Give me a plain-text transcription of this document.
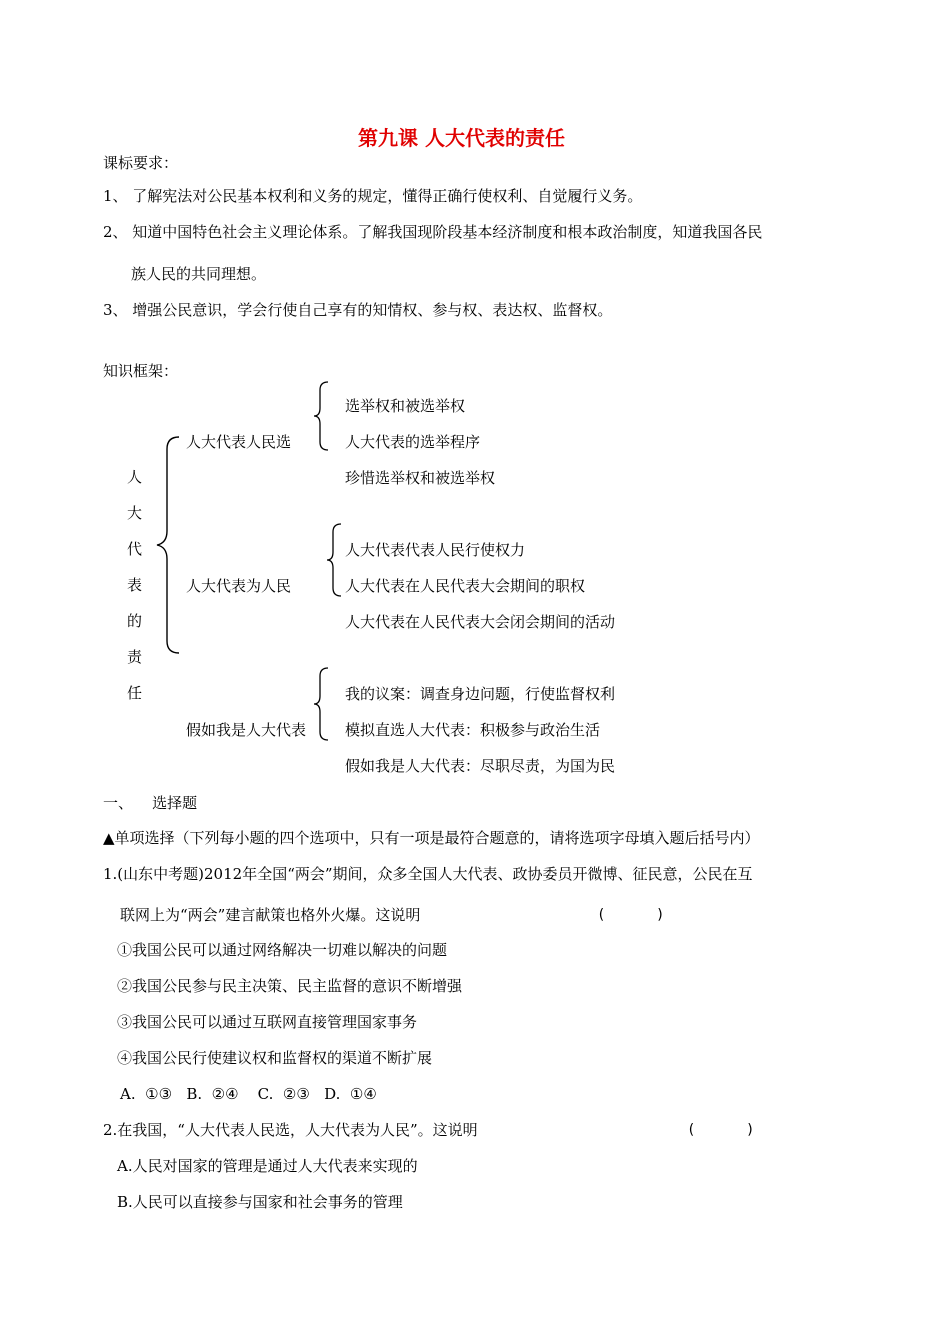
第九课 人大代表的责任
课标要求：
1、 了解宪法对公民基本权利和义务的规定，懂得正确行使权利、自觉履行义务。
2、 知道中国特色社会主义理论体系。了解我国现阶段基本经济制度和根本政治制度，知道我国各民
族人民的共同理想。
3、 增强公民意识，学会行使自己享有的知情权、参与权、表达权、监督权。
知识框架：
人
大
代
表
的
责
任
人大代表人民选
选举权和被选举权
人大代表的选举程序
珍惜选举权和被选举权
人大代表为人民
人大代表代表人民行使权力
人大代表在人民代表大会期间的职权
人大代表在人民代表大会闭会期间的活动
假如我是人大代表
我的议案：调查身边问题，行使监督权利
模拟直选人大代表：积极参与政治生活
假如我是人大代表：尽职尽责，为国为民
一、    选择题
▲单项选择（下列每小题的四个选项中，只有一项是最符合题意的，请将选项字母填入题后括号内）
1.(山东中考题)2012年全国“两会”期间，众多全国人大代表、政协委员开微博、征民意，公民在互
联网上为“两会”建言献策也格外火爆。这说明	(      )
①我国公民可以通过网络解决一切难以解决的问题
②我国公民参与民主决策、民主监督的意识不断增强
③我国公民可以通过互联网直接管理国家事务
④我国公民行使建议权和监督权的渠道不断扩展
A.  ①③   B.  ②④    C.  ②③   D.  ①④
2.在我国，“人大代表人民选，人大代表为人民”。这说明	(      )
A.人民对国家的管理是通过人大代表来实现的
B.人民可以直接参与国家和社会事务的管理
